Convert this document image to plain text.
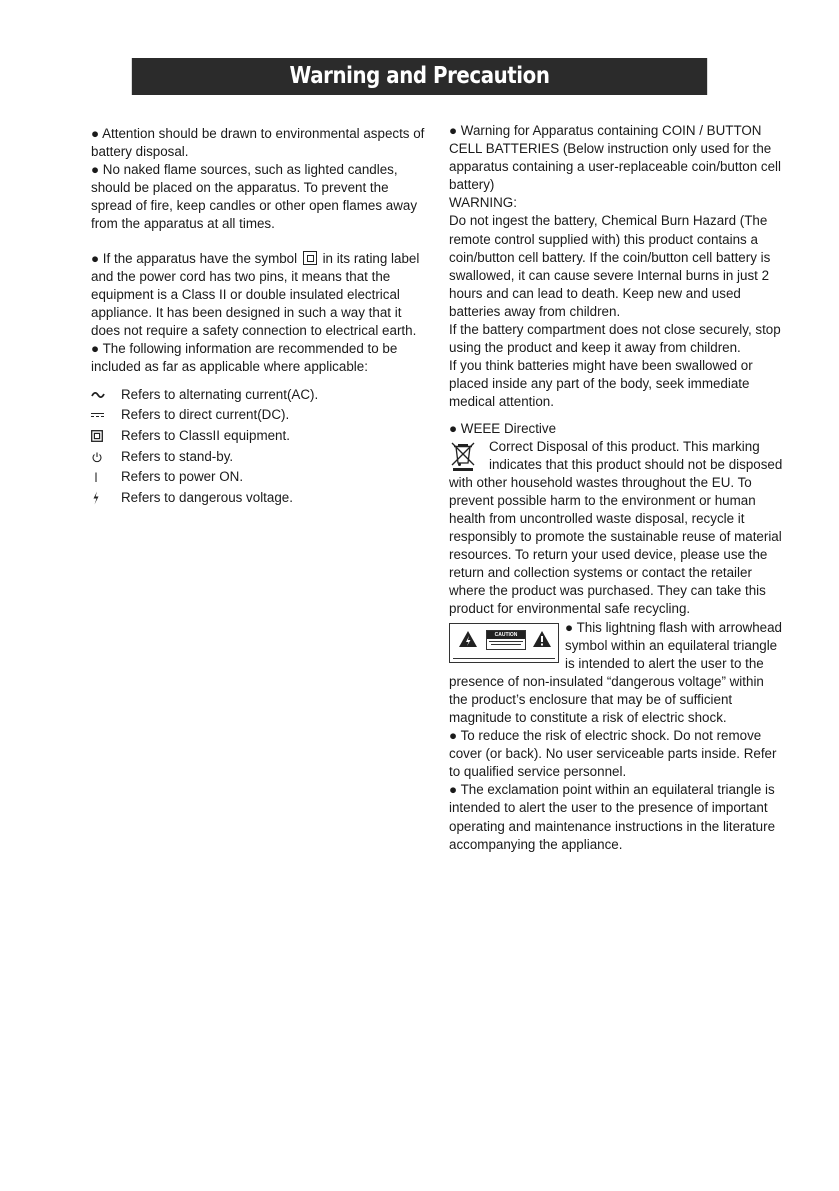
Warning and Precaution

● Attention should be drawn to environmental aspects of battery disposal.

● No naked flame sources, such as lighted candles, should be placed on the apparatus. To prevent the spread of fire, keep candles or other open flames away from the apparatus at all times.

● If the apparatus have the symbol in its rating label and the power cord has two pins, it means that the equipment is a Class II or double insulated electrical appliance. It has been designed in such a way that it does not require a safety connection to electrical earth.

● The following information are recommended to be included as far as applicable where applicable:

Refers to alternating current(AC).
Refers to direct current(DC).
Refers to ClassII equipment.
Refers to stand-by.
Refers to power ON.
Refers to dangerous voltage.

● Warning for Apparatus containing COIN / BUTTON CELL BATTERIES (Below instruction only used for the apparatus containing a user-replaceable coin/button cell battery)

WARNING:

Do not ingest the battery, Chemical Burn Hazard (The remote control supplied with) this product contains a coin/button cell battery. If the coin/button cell battery is swallowed, it can cause severe Internal burns in just 2 hours and can lead to death. Keep new and used batteries away from children.

If the battery compartment does not close securely, stop using the product and keep it away from children.

If you think batteries might have been swallowed or placed inside any part of the body, seek immediate medical attention.

● WEEE Directive

Correct Disposal of this product. This marking indicates that this product should not be disposed with other household wastes throughout the EU. To prevent possible harm to the environment or human health from uncontrolled waste disposal, recycle it responsibly to promote the sustainable reuse of material resources. To return your used device, please use the return and collection systems or contact the retailer where the product was purchased. They can take this product for environmental safe recycling.

CAUTION	● This lightning flash with arrowhead symbol within an equilateral triangle is intended to alert the user to the presence of non-insulated “dangerous voltage” within the product’s enclosure that may be of sufficient magnitude to constitute a risk of electric shock.

● To reduce the risk of electric shock. Do not remove cover (or back). No user serviceable parts inside. Refer to qualified service personnel.

● The exclamation point within an equilateral triangle is intended to alert the user to the presence of important operating and maintenance instructions in the literature accompanying the appliance.
